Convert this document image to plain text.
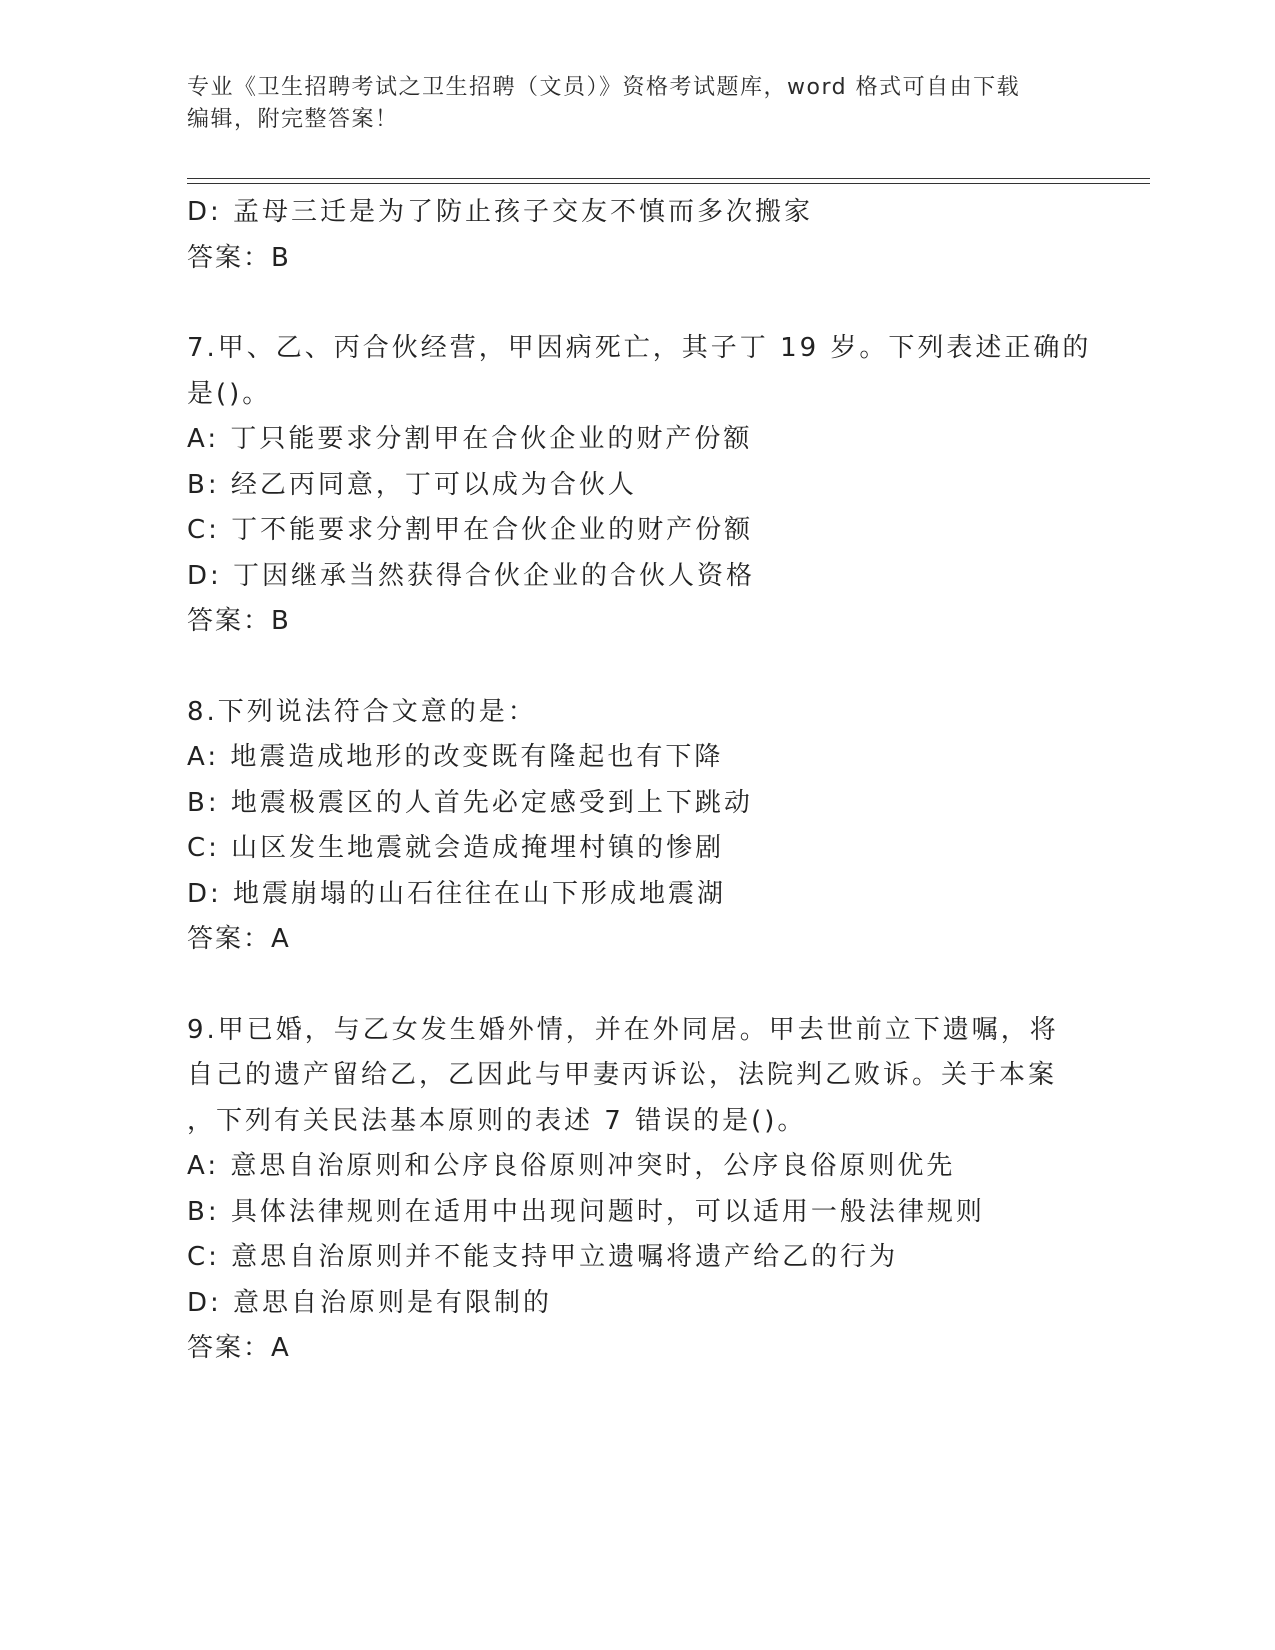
专业《卫生招聘考试之卫生招聘（文员）》资格考试题库，word 格式可自由下载
编辑，附完整答案！
D: 孟母三迁是为了防止孩子交友不慎而多次搬家
答案：B
7.甲、乙、丙合伙经营，甲因病死亡，其子丁 19 岁。下列表述正确的
是()。
A: 丁只能要求分割甲在合伙企业的财产份额
B: 经乙丙同意，丁可以成为合伙人
C: 丁不能要求分割甲在合伙企业的财产份额
D: 丁因继承当然获得合伙企业的合伙人资格
答案：B
8.下列说法符合文意的是：
A: 地震造成地形的改变既有隆起也有下降
B: 地震极震区的人首先必定感受到上下跳动
C: 山区发生地震就会造成掩埋村镇的惨剧
D: 地震崩塌的山石往往在山下形成地震湖
答案：A
9.甲已婚，与乙女发生婚外情，并在外同居。甲去世前立下遗嘱，将
自己的遗产留给乙，乙因此与甲妻丙诉讼，法院判乙败诉。关于本案
，下列有关民法基本原则的表述 7 错误的是()。
A: 意思自治原则和公序良俗原则冲突时，公序良俗原则优先
B: 具体法律规则在适用中出现问题时，可以适用一般法律规则
C: 意思自治原则并不能支持甲立遗嘱将遗产给乙的行为
D: 意思自治原则是有限制的
答案：A
